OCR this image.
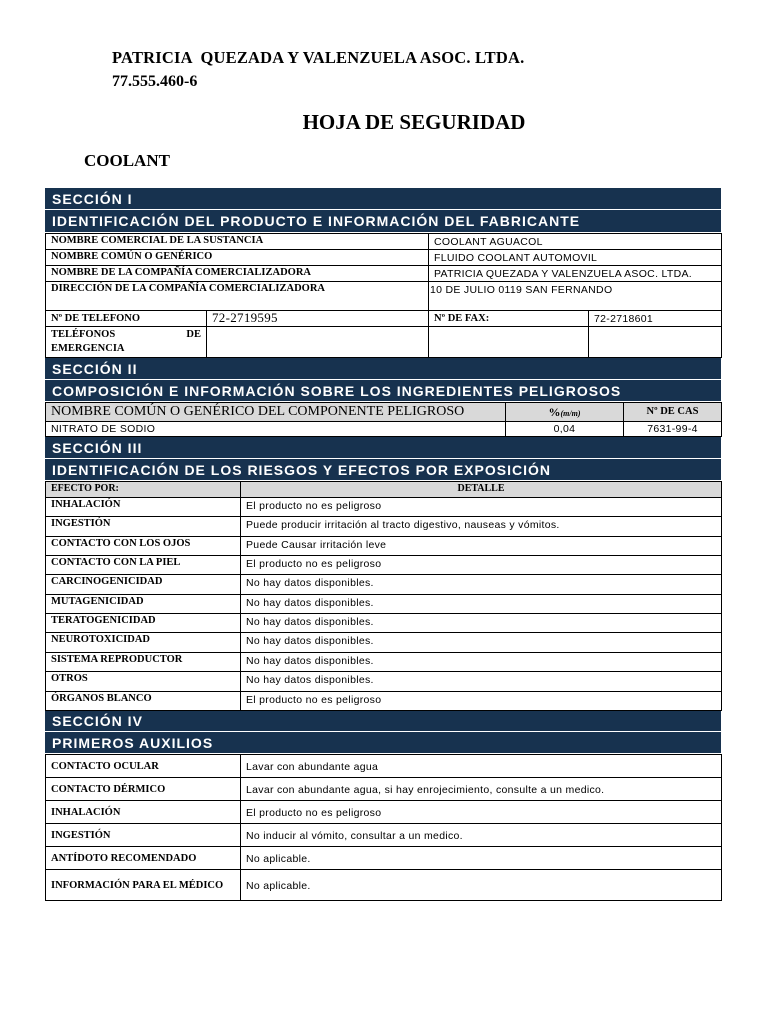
PATRICIA  QUEZADA Y VALENZUELA ASOC. LTDA.
77.555.460-6
HOJA DE SEGURIDAD
COOLANT
SECCIÓN I
IDENTIFICACIÓN DEL PRODUCTO E INFORMACIÓN DEL FABRICANTE
NOMBRE COMERCIAL DE LA SUSTANCIA		COOLANT AGUACOL	
NOMBRE COMÚN O GENÉRICO		FLUIDO COOLANT AUTOMOVIL	
NOMBRE DE LA COMPAÑÍA COMERCIALIZADORA		PATRICIA QUEZADA Y VALENZUELA ASOC. LTDA.	
DIRECCIÓN DE LA COMPAÑÍA COMERCIALIZADORA		10 DE JULIO 0119 SAN FERNANDO	
Nº DE TELEFONO	72-2719595	Nº DE FAX:	72-2718601
TELÉFONOS DE EMERGENCIA			
SECCIÓN II
COMPOSICIÓN E INFORMACIÓN SOBRE LOS INGREDIENTES PELIGROSOS
NOMBRE COMÚN O GENÉRICO DEL COMPONENTE PELIGROSO	%(m/m)	Nº DE CAS
NITRATO DE SODIO	0,04	7631-99-4
SECCIÓN III
IDENTIFICACIÓN DE LOS RIESGOS Y EFECTOS POR EXPOSICIÓN
EFECTO POR:	DETALLE
INHALACIÓN	El producto no es peligroso
INGESTIÓN	Puede producir irritación al tracto digestivo, nauseas y vómitos.
CONTACTO CON LOS OJOS	Puede Causar irritación leve
CONTACTO CON LA PIEL	El producto no es peligroso
CARCINOGENICIDAD	No hay datos disponibles.
MUTAGENICIDAD	No hay datos disponibles.
TERATOGENICIDAD	No hay datos disponibles.
NEUROTOXICIDAD	No hay datos disponibles.
SISTEMA REPRODUCTOR	No hay datos disponibles.
OTROS	No hay datos disponibles.
ÓRGANOS BLANCO	El producto no es peligroso
SECCIÓN IV
PRIMEROS AUXILIOS
CONTACTO OCULAR	Lavar con abundante agua
CONTACTO DÉRMICO	Lavar con abundante agua, si hay enrojecimiento, consulte a un medico.
INHALACIÓN	El producto no es peligroso
INGESTIÓN	No inducir al vómito, consultar a un medico.
ANTÍDOTO RECOMENDADO	No aplicable.
INFORMACIÓN PARA EL MÉDICO	No aplicable.
